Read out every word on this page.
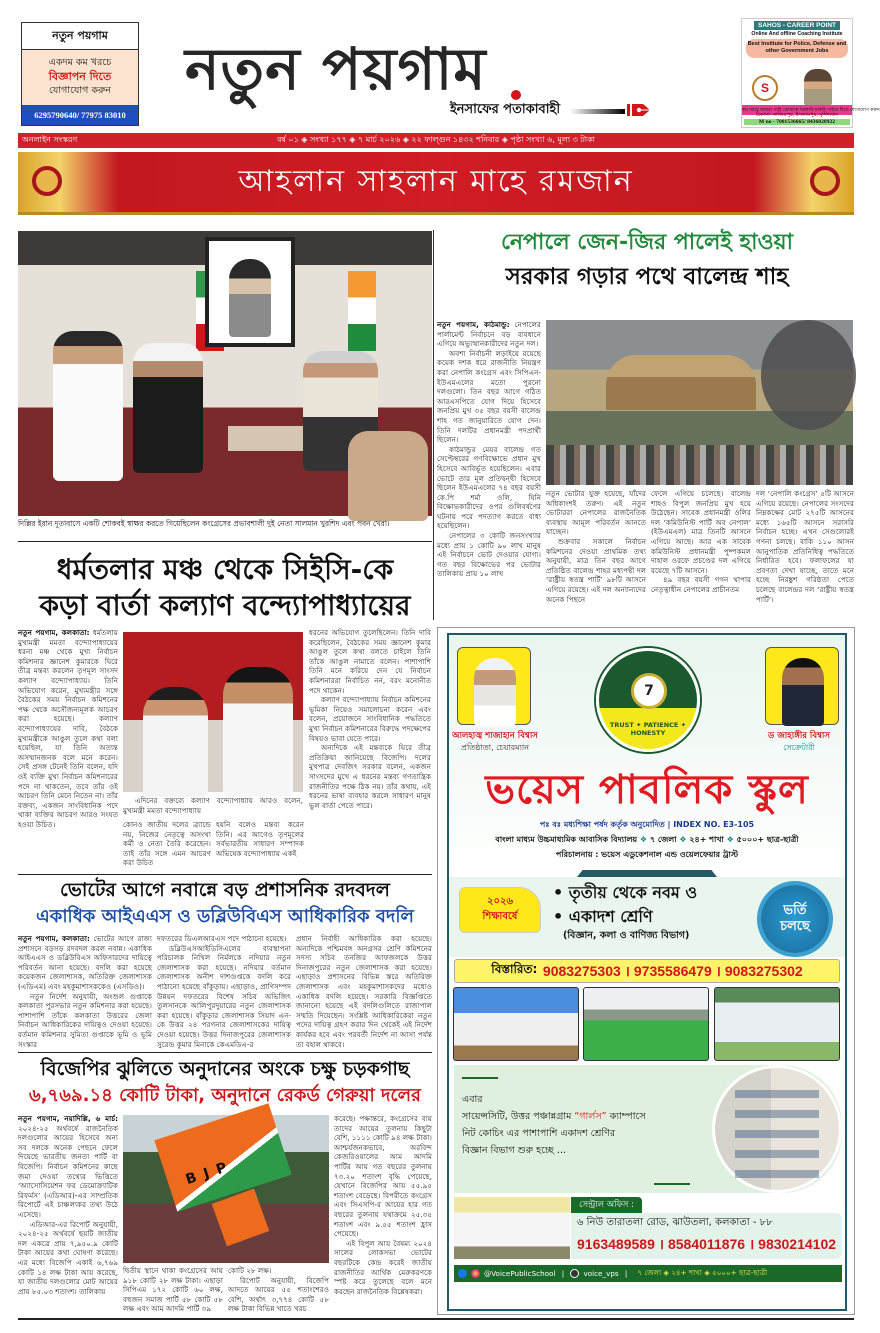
নতুন পয়গাম
একদম কম খরচে
বিজ্ঞাপন দিতে
যোগাযোগ করুন
6295790640/ 77975 83010
নতুন পয়গাম
ইনসাফের পতাকাবাহী
SAHOS - CAREER POINT
Online And offline Coaching Institute
Best Institute for Police, Defense and other Government Jobs
S
কম খরচে আমরা পারি তোমাকে সরকারি চাকরি পাইয়ে দিতে যোগাযোগ করুন
ঠিকানা- নাজিরপুর, ইসলামপুর, মুর্শিদাবাদ
M no - 7001536665/ 8436020922
অনলাইন সংস্করণ	বর্ষ ০১ ◈ সংখ্যা ১৭৭ ◈ ৭ মার্চ ২০২৬ ◈ ২২ ফাল্গুন ১৪৩২ শনিবার ◈ পৃষ্ঠা সংখ্যা ৬, মূল্য ৩ টাকা
আহলান সাহলান মাহে রমজান
দিল্লির ইরান দূতাবাসে একটি শোকবই স্বাক্ষর করতে গিয়েছিলেন কংগ্রেসের প্রভাবশালী দুই নেতা সালমান খুরশিদ এবং পবন খেরা।
ধর্মতলার মঞ্চ থেকে সিইসি-কে
কড়া বার্তা কল্যাণ বন্দ্যোপাধ্যায়ের

নতুন পয়গাম, কলকাতা: ধর্মতলায় মুখ্যমন্ত্রী মমতা বন্দ্যোপাধ্যায়ের ধরনা মঞ্চ থেকে মুখ্য নির্বাচন কমিশনার জ্ঞানেশ কুমারকে ঘিরে তীব্র মন্তব্য করলেন তৃণমূল সাংসদ কল্যাণ বন্দ্যোপাধ্যায়। তিনি অভিযোগ করেন, মুখ্যমন্ত্রীর সঙ্গে বৈঠকের সময় নির্বাচন কমিশনের পক্ষ থেকে অসৌজন্যমূলক আচরণ করা হয়েছে। কল্যাণ বন্দ্যোপাধ্যায়ের দাবি, বৈঠকে মুখ্যমন্ত্রীকে আঙুল তুলে কথা বলা হয়েছিল, যা তিনি অত্যন্ত অসম্মানজনক বলে মনে করেন। সেই প্রসঙ্গ টেনেই তিনি বলেন, যদি ওই ব্যক্তি মুখ্য নির্বাচন কমিশনারের পদে না থাকতেন, তবে তাঁর ওই আচরণ তিনি মেনে নিতেন না। তাঁর বক্তব্য, একজন সাংবিধানিক পদে থাকা ব্যক্তির আচরণ আরও সংযত হওয়া উচিত।

এদিনের বক্তব্যে কল্যাণ বন্দ্যোপাধ্যায় আরও বলেন, মুখ্যমন্ত্রী মমতা বন্দ্যোপাধ্যায়

কোনও জাতীয় দলের ব্র্যান্ডে নয়, নিজের নেতৃত্বে অসংখ্য কর্মী ও নেতা তৈরি করেছেন। তাই তাঁর সঙ্গে এমন আচরণ করা উচিত
হয়নি বলেও মন্তব্য করেন তিনি। এর আগেও তৃণমূলের সর্বভারতীয় সাধারণ সম্পাদক অভিষেক বন্দ্যোপাধ্যায় একই

ধরনের অভিযোগ তুলেছিলেন। তিনি দাবি করেছিলেন, বৈঠকের সময় জ্ঞানেশ কুমার আঙুল তুলে কথা বলতে চাইলে তিনি তাঁকে আঙুল নামাতে বলেন। পাশাপাশি তিনি মনে করিয়ে দেন যে নির্বাচন কমিশনাররা নির্বাচিত নন, বরং মনোনীত পদে থাকেন।

কল্যাণ বন্দ্যোপাধ্যায় নির্বাচন কমিশনের ভূমিকা নিয়েও সমালোচনা করেন এবং বলেন, প্রয়োজনে সাংবিধানিক পদ্ধতিতে মুখ্য নির্বাচন কমিশনারের বিরুদ্ধে পদক্ষেপের বিষয়ও ভাবা যেতে পারে।

অন্যদিকে এই মন্তব্যকে ঘিরে তীব্র প্রতিক্রিয়া জানিয়েছে বিজেপি। দলের মুখপাত্র দেবজিৎ সরকার বলেন, একজন সাংসদের মুখে এ ধরনের মন্তব্য গণতান্ত্রিক রাজনীতির পক্ষে ঠিক নয়। তাঁর কথায়, এই ধরনের ভাষা ব্যবহার করলে সাধারণ মানুষ ভুল বার্তা পেতে পারে।

ভোটের আগে নবান্নে বড় প্রশাসনিক রদবদল
একাধিক আইএএস ও ডব্লিউবিএস আধিকারিক বদলি

নতুন পয়গাম, কলকাতা: ভোটের আগে রাজ্য প্রশাসনে বড়সড় রদবদল করল নবান্ন। একাধিক আইএএস ও ডব্লিউবিএস অফিসারদের দায়িত্বে পরিবর্তন আনা হয়েছে। বদলি করা হয়েছে কয়েকজন জেলাশাসক, অতিরিক্ত জেলাশাসক (এডিএম) এবং মহকুমাশাসককেও (এসডিও)।

নতুন নির্দেশ অনুযায়ী, অংশুল গুপ্তাকে কলকাতা পুরসভার নতুন কমিশনার করা হয়েছে। পাশাপাশি তাঁকে কলকাতা উত্তরের জেলা নির্বাচন আধিকারিকের দায়িত্বও দেওয়া হয়েছে। বর্তমান কমিশনার সুমিতা গুপ্তাকে ভূমি ও ভূমি সংস্কার

দফতরের ডিএলআরএস পদে পাঠানো হয়েছে।

ডব্লিউএসআইডিসিএলের ব্যবস্থাপনা পরিচালক নিখিল নির্মলকে নদিয়ার নতুন জেলাশাসক করা হয়েছে। নদিয়ার বর্তমান জেলাশাসক অনীশ দাশগুপ্তকে বদলি করে পাঠানো হয়েছে বাঁকুড়ায়। এছাড়াও, প্রাণিসম্পদ উন্নয়ন দফতরের বিশেষ সচিব অভিজিৎ তুলসানকে আলিপুরদুয়ারের নতুন জেলাশাসক করা হয়েছে। বাঁকুড়ার জেলাশাসক সিয়াদ এন-কে উত্তর ২৪ পরগনার জেলাশাসকের দায়িত্ব দেওয়া হয়েছে। উত্তর দিনাজপুরের জেলাশাসক সুরেন্দ্র কুমার মিনাকে কেএমডিএ-র

প্রধান নির্বাহী আধিকারিক করা হয়েছে। অন্যদিকে পশ্চিমবঙ্গ অনগ্রসর শ্রেণি কমিশনের সদস্য সচিব তনজির আফজলকে উত্তর দিনাজপুরের নতুন জেলাশাসক করা হয়েছে। এছাড়াও প্রশাসনের বিভিন্ন স্তরে অতিরিক্ত জেলাশাসক এবং মহকুমাশাসকদের মধ্যেও একাধিক বদলি হয়েছে। সরকারি বিজ্ঞপ্তিতে জানানো হয়েছে এই বদলিগুলিতে রাজ্যপাল সম্মতি দিয়েছেন। সংশ্লিষ্ট আধিকারিকেরা নতুন পদের দায়িত্ব গ্রহণ করার দিন থেকেই এই নির্দেশ কার্যকর হবে এবং পরবর্তী নির্দেশ না আসা পর্যন্ত তা বহাল থাকবে।
বিজেপির ঝুলিতে অনুদানের অংকে চক্ষু চড়কগাছ
৬,৭৬৯.১৪ কোটি টাকা, অনুদানে রেকর্ড গেরুয়া দলের

নতুন পয়গাম, নয়াদিল্লি, ৬ মার্চ: ২০২৪-২৫ অর্থবর্ষে রাজনৈতিক দলগুলোর আয়ের হিসেবে অন্য সব দলকে অনেক পেছনে ফেলে দিয়েছে ভারতীয় জনতা পার্টি বা বিজেপি। নির্বাচন কমিশনের কাছে জমা দেওয়া তথ্যের ভিত্তিতে ‘অ্যাসোসিয়েশন ফর ডেমোক্র্যাটিক রিফর্মস’ (এডিআর)-এর সাম্প্রতিক রিপোর্টে এই চাঞ্চল্যকর তথ্য উঠে এসেছে।

এডিআর-এর রিপোর্ট অনুযায়ী, ২০২৪-২৫ অর্থবর্ষে ছয়টি জাতীয় দল একত্রে প্রায় ৭,৯৫০.৯ কোটি টাকা আয়ের কথা ঘোষণা করেছে। এর মধ্যে বিজেপি একাই ৬,৭৬৯ কোটি ১৪ লক্ষ টাকা আয় করেছে, যা জাতীয় দলগুলোর মোট আয়ের প্রায় ৮৫.০৩ শতাংশ। তালিকায়

BJP
দ্বিতীয় স্থানে থাকা কংগ্রেসের আয় ৯১৮ কোটি ২৮ লক্ষ টাকা। এছাড়া সিপিএম ১৭২ কোটি ৬০ লক্ষ, বহুজন সমাজ পার্টি ৫৮ কোটি ৫৮ লক্ষ এবং আম আদমি পার্টি ৩৯

কোটি ২৮ লক্ষ।

রিপোর্ট অনুযায়ী, বিজেপি আদতে আয়ের ৫৫ শতাংশেরও বেশি, অর্থাৎ ৩,৭৭৪ কোটি ৫৮ লক্ষ টাকা বিভিন্ন খাতে খরচ

করেছে। পক্ষান্তরে, কংগ্রেসের ব্যয় তাদের আয়ের তুলনায় কিছুটা বেশি, ১১১১ কোটি ৯৪ লক্ষ টাকা। আশ্চর্যজনকভাবে, অরবিন্দ কেজরিওয়ালের আম আদমি পার্টির আয় গত বছরের তুলনায় ৭৩.২০ শতাংশ বৃদ্ধি পেয়েছে, যেখানে বিজেপির আয় ৫৫.৯৫ শতাংশ বেড়েছে। বিপরীতে কংগ্রেস এবং সিএসপি-র আয়ের হার গত বছরের তুলনায় যথাক্রমে ২৫.৩৫ শতাংশ এবং ৯.৫৫ শতাংশ হ্রাস পেয়েছে।

এই বিপুল আয় বৈষম্য ২০২৪ সালের লোকসভা ভোটের বছরটিকে কেন্দ্র করেই জাতীয় রাজনীতির আর্থিক মেরুকরণকে স্পষ্ট করে তুলেছে বলে মনে করছেন রাজনৈতিক বিশ্লেষকরা।

নেপালে জেন-জির পালেই হাওয়া
সরকার গড়ার পথে বালেন্দ্র শাহ

নতুন পয়গাম, কাঠমান্ডু: নেপালের পার্লামেন্ট নির্বাচনে বড় ব্যবধানে এগিয়ে অভ্যুত্থানকারীদের নতুন দল।

অবশ্য নির্বাচনী লড়াইয়ে রয়েছে কয়েক দশক ধরে রাজনীতি নিয়ন্ত্রণ করা নেপালি কংগ্রেস এবং সিপিএন-ইউএমএলের মতো পুরনো দলগুলো। তিন বছর আগে গঠিত আরএসপিতে যোগ দিয়ে হিসেবে জনপ্রিয় মুখ ৩৫ বছর বয়সী বালেন্দ্র শাহ গত জানুয়ারিতে যোগ দেন। তিনি দলটির প্রধানমন্ত্রী পদপ্রার্থী ছিলেন।

কাঠমান্ডুর মেয়র বালেন্দ্র গত সেপ্টেম্বরের গণবিক্ষোভে প্রধান মুখ হিসেবে আবির্ভূত হয়েছিলেন। এবার ভোটে তার মূল প্রতিদ্বন্দ্বী হিসেবে ছিলেন ইউএমএলের ৭৪ বছর বয়সী কে.পি শর্মা ওলি, যিনি বিক্ষোভকারীদের ওপর গুলিবর্ষণের ঘটনায় পরে পদত্যাগ করতে বাধ্য হয়েছিলেন।

নেপালের ৩ কোটি জনসংখ্যার মধ্যে প্রায় ১ কোটি ৯০ লাখ মানুষ এই নির্বাচনে ভোট দেওয়ার যোগ্য। গত বছর বিক্ষোভের পর ভোটার তালিকায় প্রায় ১০ লাখ

নতুন ভোটার যুক্ত হয়েছে, যাঁদের অধিকাংশই তরুণ। এই নতুন ভোটাররা নেপালের রাজনৈতিক ব্যবস্থায় আমূল পরিবর্তন আনতে যাচ্ছেন।

শুক্রবার সকালে নির্বাচন কমিশনের দেওয়া প্রাথমিক তথ্য অনুযায়ী, মাত্র তিন বছর আগে প্রতিষ্ঠিত বালেন্দ্র শাহর মধ্যপন্থী দল ‘রাষ্ট্রীয় স্বতন্ত্র পার্টি’ ৯৮টি আসনে এগিয়ে রয়েছে। এই দল অন্যান্যদের অনেক পিছনে

ফেলে এগিয়ে চলেছে। বালেন্দ্র শাহও বিপুল জনপ্রিয় মুখ হয়ে উঠেছেন। সাবেক প্রধানমন্ত্রী ওলির দল ‘কমিউনিস্ট পার্টি অব নেপাল’ (ইউএমএল) মাত্র তিনটি আসনে এগিয়ে আছে। আর এক সাবেক কমিউনিস্ট প্রধানমন্ত্রী পুষ্পকমল দাহাল ওরফে প্রচণ্ডের দল এগিয়ে রয়েছে ৭টি আসনে।

৪৯ বছর বয়সী গগন থাপার নেতৃত্বাধীন নেপালের প্রাচীনতম

দল ‘নেপালি কংগ্রেস’ ৫টি আসনে এগিয়ে রয়েছে। নেপালের সংসদের নিম্নকক্ষের মোট ২৭৫টি আসনের মধ্যে ১৬৫টি আসনে সরাসরি নির্বাচন হচ্ছে। এখন সেগুলোরই গণনা চলছে। বাকি ১১০ আসন আনুপাতিক প্রতিনিধিত্ব পদ্ধতিতে নির্ধারিত হবে। ফলাফলের যা প্রবণতা দেখা যাচ্ছে, তাতে মনে হচ্ছে নিরঙ্কুশ গরিষ্ঠতা পেতে চলেছে বালেন্দ্রর দল ‘রাষ্ট্রীয় স্বতন্ত্র পার্টি’।
আলহাজ্ব শাজাহান বিশ্বাস
প্রতিষ্ঠাতা, চেয়ারম্যান
7
TRUST ✦ PATIENCE ✦ HONESTY	ড জাহাঙ্গীর বিশ্বাস
সেক্রেটারী
ভয়েস পাবলিক স্কুল
পঃ বঃ মধ্যশিক্ষা পর্ষদ কর্তৃক অনুমোদিত | INDEX NO. E3-105
বাংলা মাধ্যম উচ্চমাধ্যমিক আবাসিক বিদ্যালয় ❖ ৭ জেলা ❖ ২৪+ শাখা ❖ ৫০০০+ ছাত্র-ছাত্রী
পরিচালনায় : ভয়েস এডুকেশনাল এন্ড ওয়েলফেয়ার ট্রাস্ট
২০২৬
শিক্ষাবর্ষে
• তৃতীয় থেকে নবম ও
• একাদশ শ্রেণি
(বিজ্ঞান, কলা ও বাণিজ্য বিভাগ)
ভর্তি
চলছে
বিস্তারিত:
9083275303 । 9735586479 । 9083275302
এবার
সায়েন্সসিটি, উত্তর পঞ্চান্নগ্রাম “গার্লস” ক্যাম্পাসে
নিট কোচিং এর পাশাপাশি একাদশ শ্রেণির
বিজ্ঞান বিভাগ শুরু হচ্ছে ...
সেন্ট্রাল অফিস :
৬ নিউ তারাতলা রোড, ঝাউতলা, কলকাতা - ৮৮
9163489589 । 8584011876 । 9830214102
@VoicePublicSchool | voice_vps | ৭ জেলা ◈ ২৪+ শাখা ◈ ৫০০০+ ছাত্র-ছাত্রী
